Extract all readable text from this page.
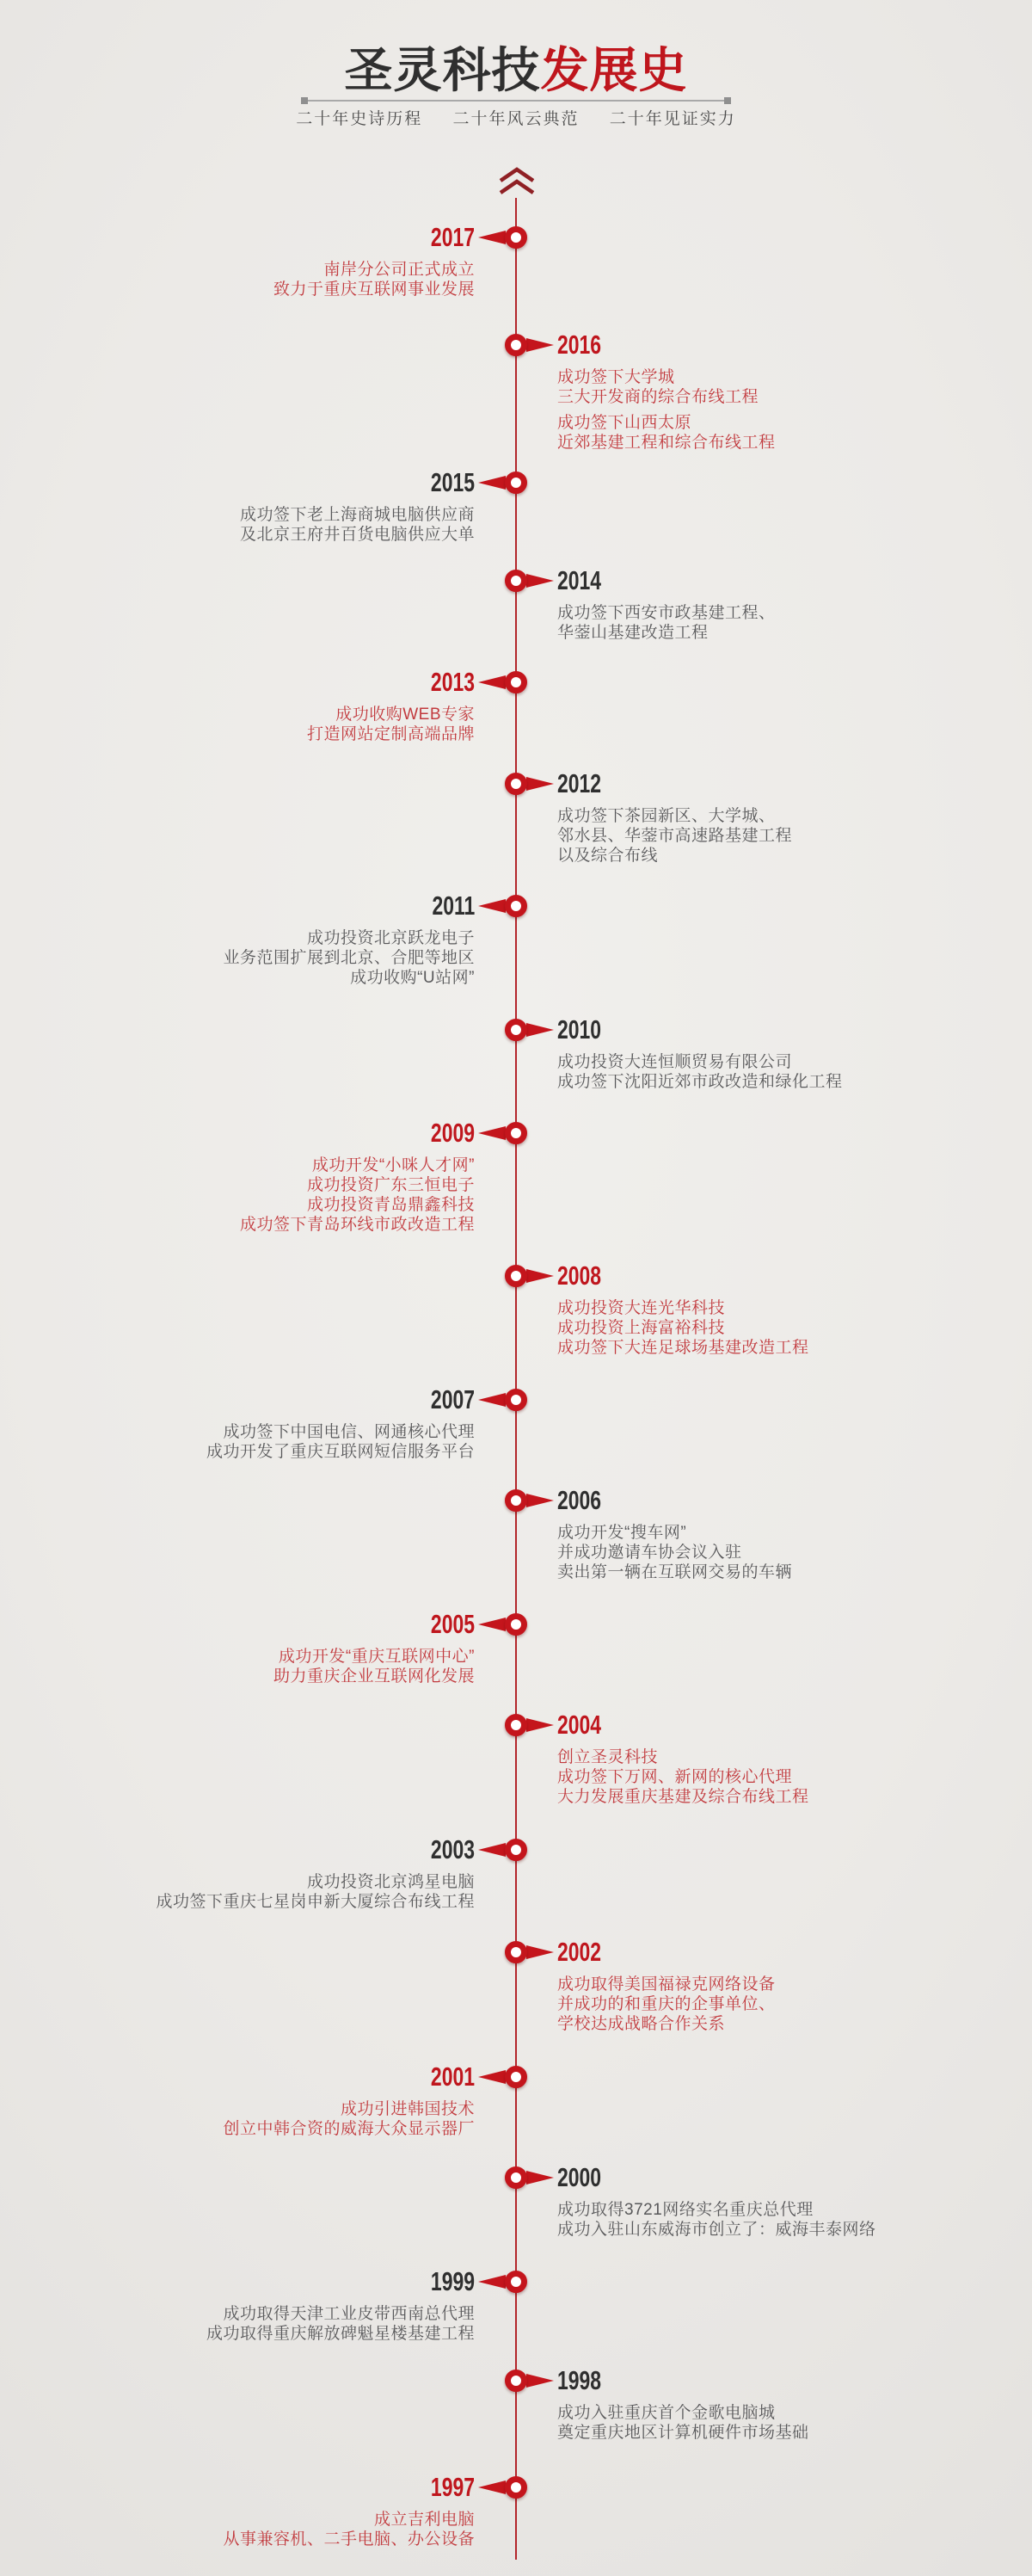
圣灵科技发展史
二十年史诗历程 二十年风云典范 二十年见证实力
2017

南岸分公司正式成立
致力于重庆互联网事业发展

2016

成功签下大学城
三大开发商的综合布线工程

成功签下山西太原
近郊基建工程和综合布线工程

2015

成功签下老上海商城电脑供应商
及北京王府井百货电脑供应大单

2014

成功签下西安市政基建工程、
华蓥山基建改造工程

2013

成功收购WEB专家
打造网站定制高端品牌

2012

成功签下茶园新区、大学城、
邻水县、华蓥市高速路基建工程
以及综合布线

2011

成功投资北京跃龙电子
业务范围扩展到北京、合肥等地区
成功收购“U站网”

2010

成功投资大连恒顺贸易有限公司
成功签下沈阳近郊市政改造和绿化工程

2009

成功开发“小咪人才网”
成功投资广东三恒电子
成功投资青岛鼎鑫科技
成功签下青岛环线市政改造工程

2008

成功投资大连光华科技
成功投资上海富裕科技
成功签下大连足球场基建改造工程

2007

成功签下中国电信、网通核心代理
成功开发了重庆互联网短信服务平台

2006

成功开发“搜车网”
并成功邀请车协会议入驻
卖出第一辆在互联网交易的车辆

2005

成功开发“重庆互联网中心”
助力重庆企业互联网化发展

2004

创立圣灵科技
成功签下万网、新网的核心代理
大力发展重庆基建及综合布线工程

2003

成功投资北京鸿星电脑
成功签下重庆七星岗申新大厦综合布线工程

2002

成功取得美国福禄克网络设备
并成功的和重庆的企事单位、
学校达成战略合作关系

2001

成功引进韩国技术
创立中韩合资的威海大众显示器厂

2000

成功取得3721网络实名重庆总代理
成功入驻山东威海市创立了：威海丰泰网络

1999

成功取得天津工业皮带西南总代理
成功取得重庆解放碑魁星楼基建工程

1998

成功入驻重庆首个金歌电脑城
奠定重庆地区计算机硬件市场基础

1997

成立吉利电脑
从事兼容机、二手电脑、办公设备
